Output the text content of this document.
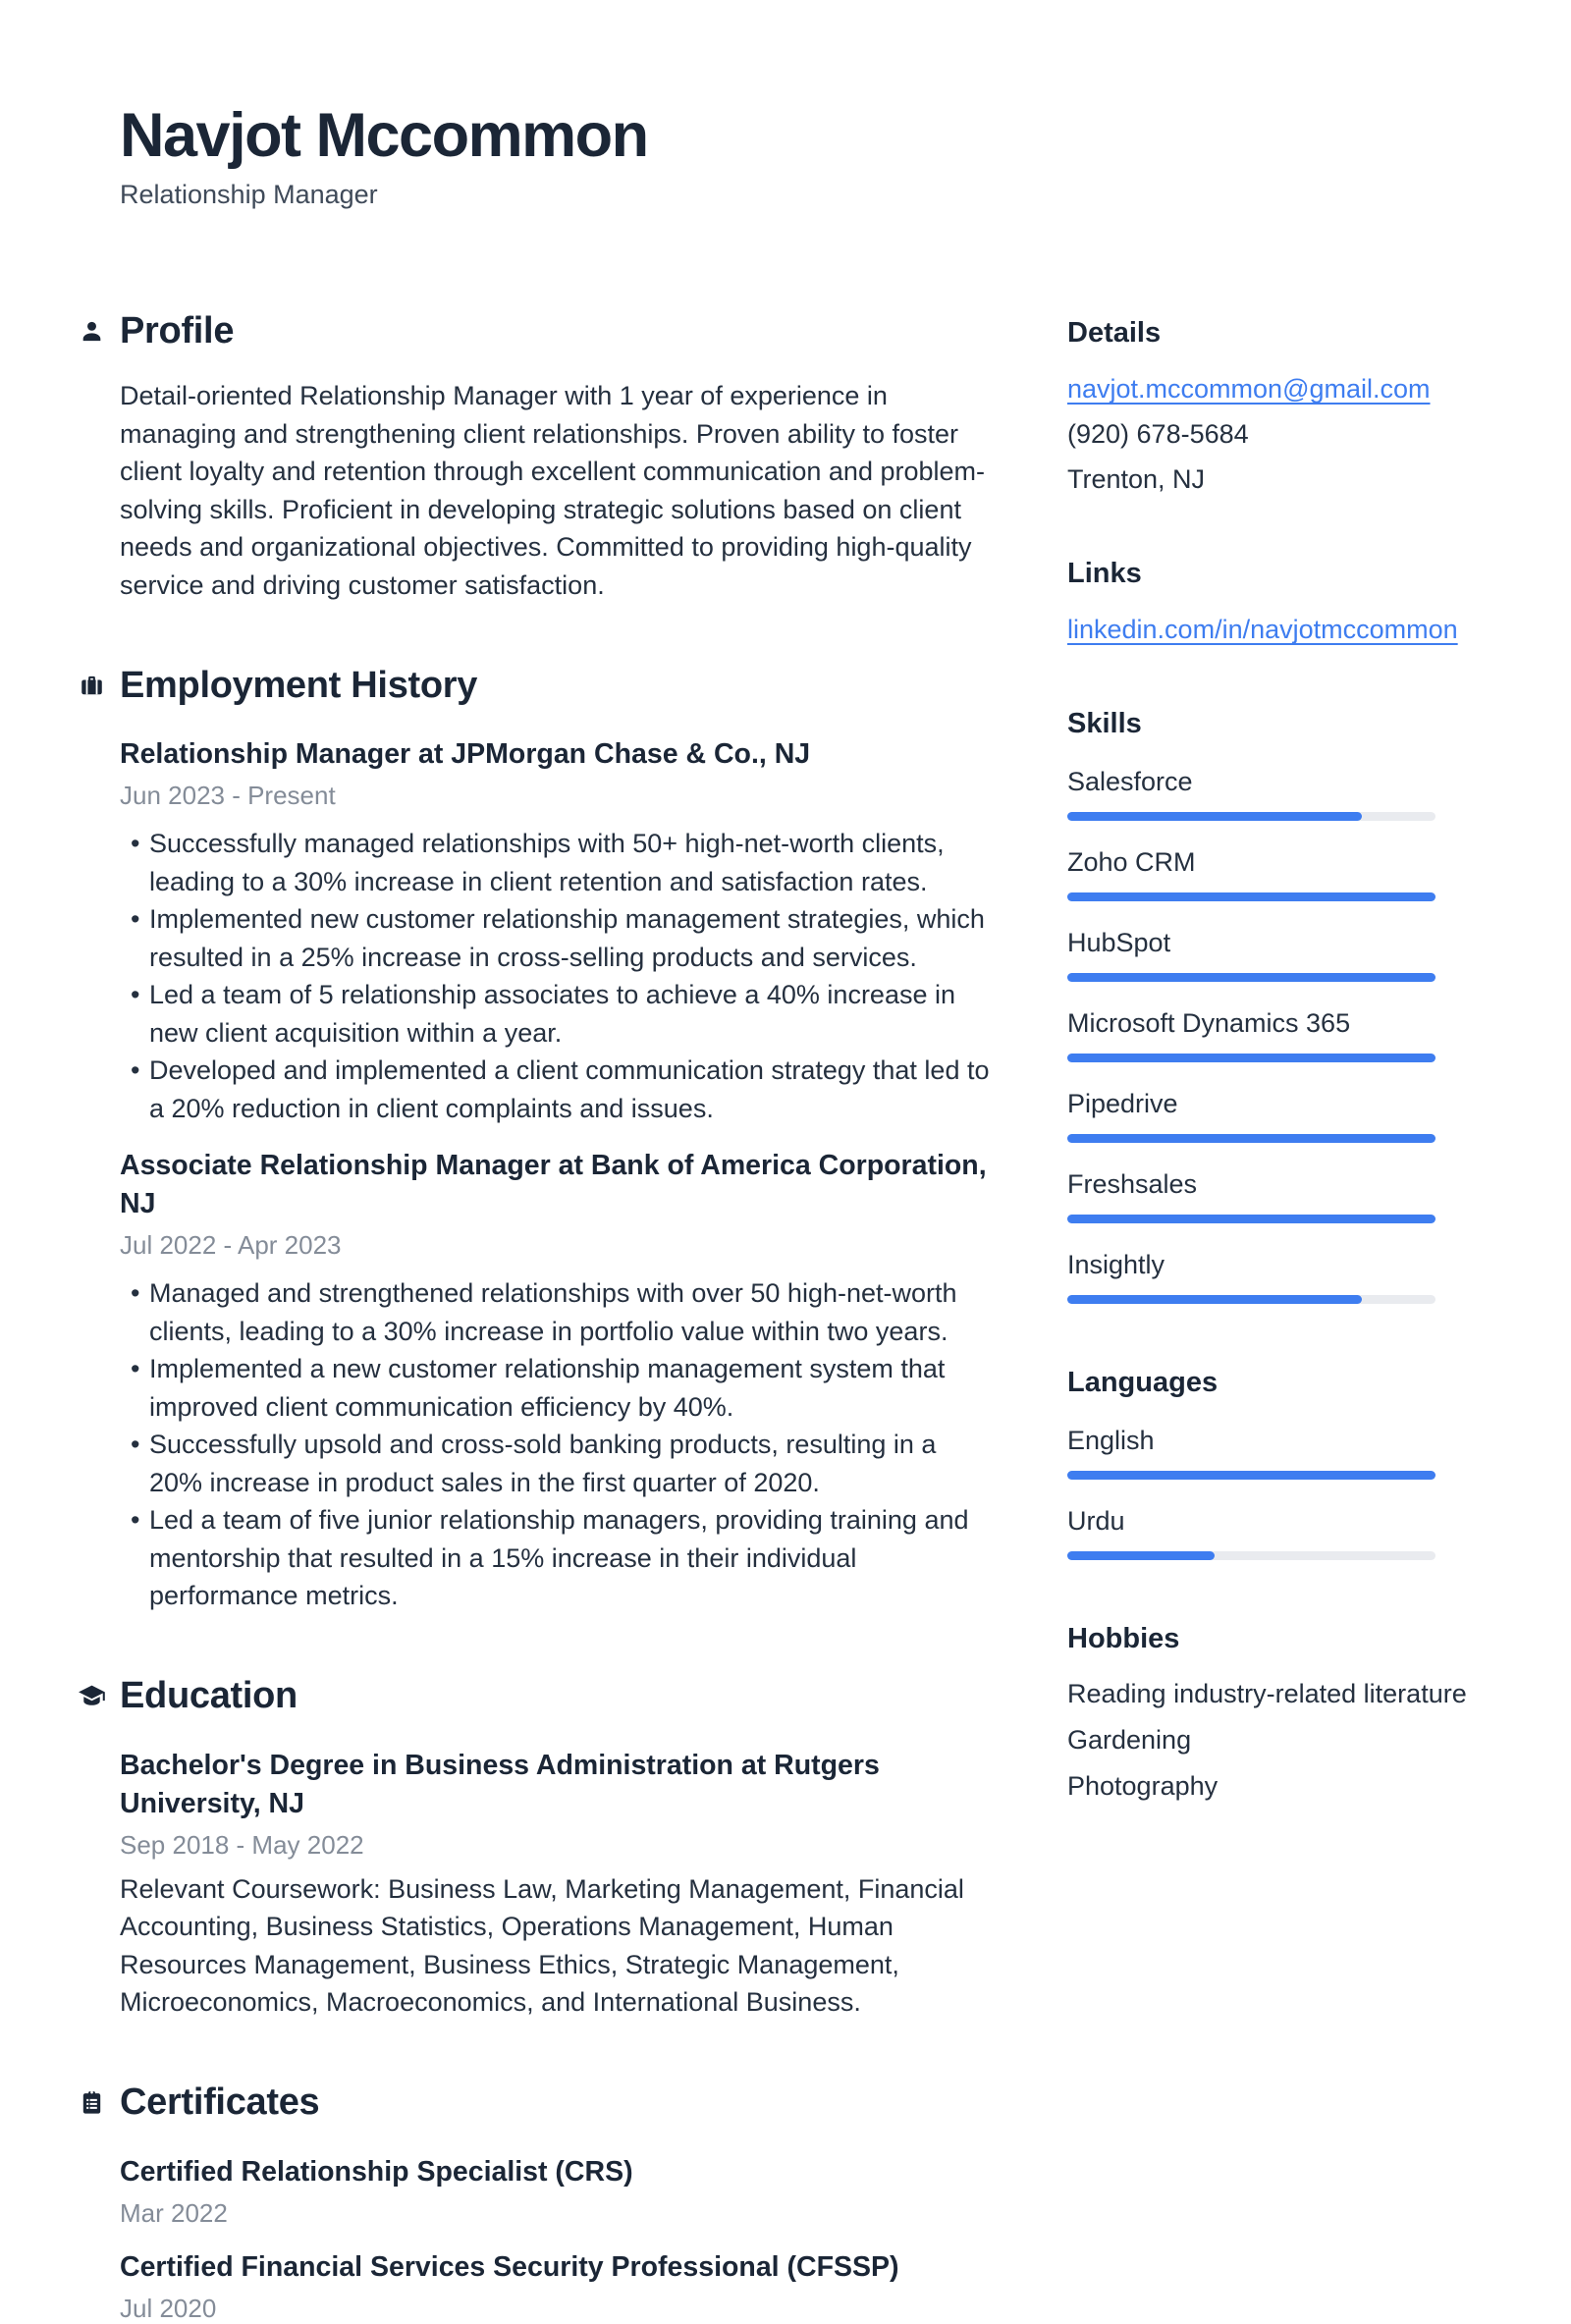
Navjot Mccommon
Relationship Manager
Profile

Detail-oriented Relationship Manager with 1 year of experience in managing and strengthening client relationships. Proven ability to foster client loyalty and retention through excellent communication and problem-solving skills. Proficient in developing strategic solutions based on client needs and organizational objectives. Committed to providing high-quality service and driving customer satisfaction.

Employment History
Relationship Manager at JPMorgan Chase & Co., NJ
Jun 2023 - Present
• Successfully managed relationships with 50+ high-net-worth clients, leading to a 30% increase in client retention and satisfaction rates.
• Implemented new customer relationship management strategies, which resulted in a 25% increase in cross-selling products and services.
• Led a team of 5 relationship associates to achieve a 40% increase in new client acquisition within a year.
• Developed and implemented a client communication strategy that led to a 20% reduction in client complaints and issues.
Associate Relationship Manager at Bank of America Corporation, NJ
Jul 2022 - Apr 2023
• Managed and strengthened relationships with over 50 high-net-worth clients, leading to a 30% increase in portfolio value within two years.
• Implemented a new customer relationship management system that improved client communication efficiency by 40%.
• Successfully upsold and cross-sold banking products, resulting in a 20% increase in product sales in the first quarter of 2020.
• Led a team of five junior relationship managers, providing training and mentorship that resulted in a 15% increase in their individual performance metrics.
Education
Bachelor's Degree in Business Administration at Rutgers University, NJ
Sep 2018 - May 2022
Relevant Coursework: Business Law, Marketing Management, Financial Accounting, Business Statistics, Operations Management, Human Resources Management, Business Ethics, Strategic Management, Microeconomics, Macroeconomics, and International Business.
Certificates
Certified Relationship Specialist (CRS)
Mar 2022
Certified Financial Services Security Professional (CFSSP)
Jul 2020
Details
navjot.mccommon@gmail.com
(920) 678-5684
Trenton, NJ
Links
linkedin.com/in/navjotmccommon
Skills
Salesforce
Zoho CRM
HubSpot
Microsoft Dynamics 365
Pipedrive
Freshsales
Insightly
Languages
English
Urdu
Hobbies
Reading industry-related literature
Gardening
Photography
